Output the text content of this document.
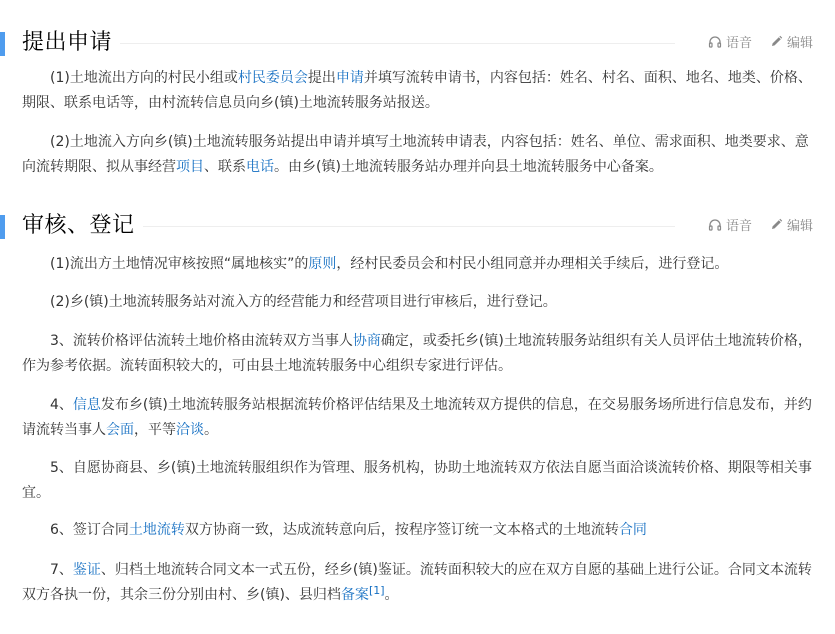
提出申请	语音	编辑

(1)土地流出方向的村民小组或村民委员会提出申请并填写流转申请书，内容包括：姓名、村名、面积、地名、地类、价格、期限、联系电话等，由村流转信息员向乡(镇)土地流转服务站报送。

(2)土地流入方向乡(镇)土地流转服务站提出申请并填写土地流转申请表，内容包括：姓名、单位、需求面积、地类要求、意向流转期限、拟从事经营项目、联系电话。由乡(镇)土地流转服务站办理并向县土地流转服务中心备案。

审核、登记	语音	编辑

(1)流出方土地情况审核按照“属地核实”的原则，经村民委员会和村民小组同意并办理相关手续后，进行登记。

(2)乡(镇)土地流转服务站对流入方的经营能力和经营项目进行审核后，进行登记。

3、流转价格评估流转土地价格由流转双方当事人协商确定，或委托乡(镇)土地流转服务站组织有关人员评估土地流转价格，作为参考依据。流转面积较大的，可由县土地流转服务中心组织专家进行评估。

4、信息发布乡(镇)土地流转服务站根据流转价格评估结果及土地流转双方提供的信息，在交易服务场所进行信息发布，并约请流转当事人会面，平等洽谈。

5、自愿协商县、乡(镇)土地流转服组织作为管理、服务机构，协助土地流转双方依法自愿当面洽谈流转价格、期限等相关事宜。

6、签订合同土地流转双方协商一致，达成流转意向后，按程序签订统一文本格式的土地流转合同

7、鉴证、归档土地流转合同文本一式五份，经乡(镇)鉴证。流转面积较大的应在双方自愿的基础上进行公证。合同文本流转双方各执一份，其余三份分别由村、乡(镇)、县归档备案[1]。
